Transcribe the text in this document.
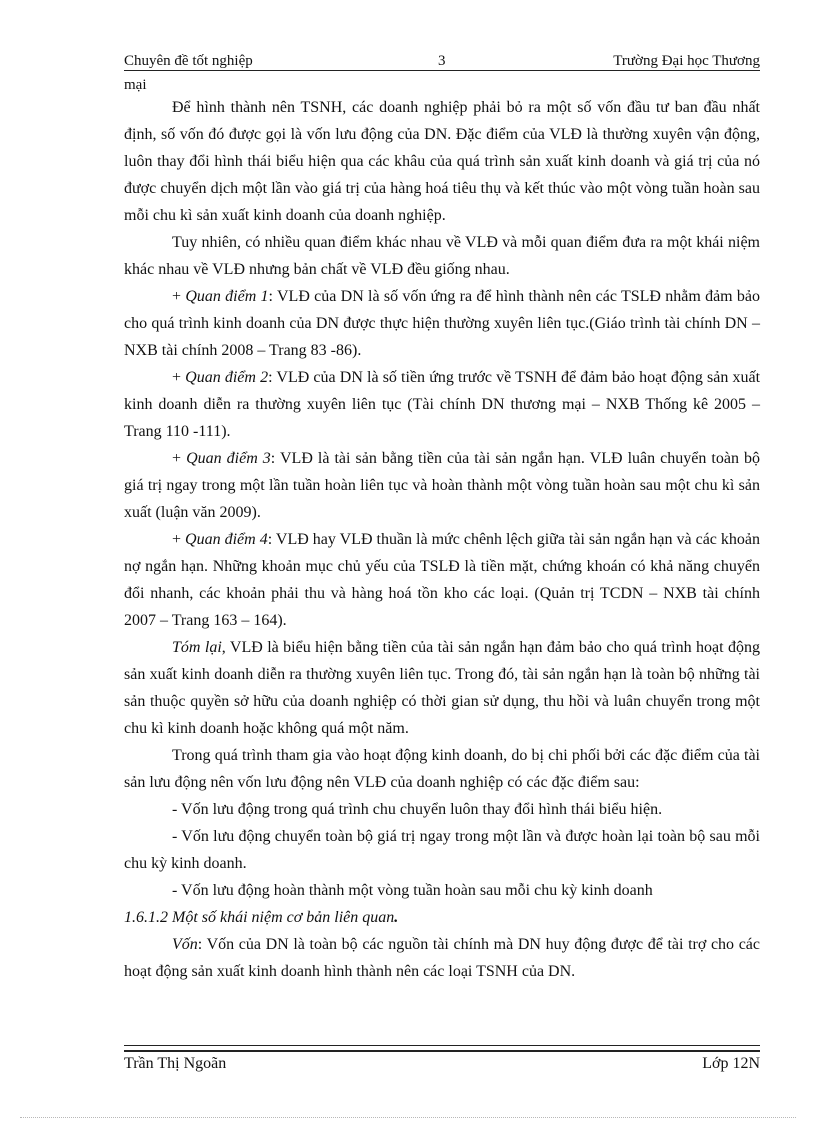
Chuyên đề tốt nghiệp	3	Trường Đại học Thương
mại

Để hình thành nên TSNH, các doanh nghiệp phải bỏ ra một số vốn đầu tư ban đầu nhất định, số vốn đó được gọi là vốn lưu động của DN. Đặc điểm của VLĐ là thường xuyên vận động, luôn thay đổi hình thái biểu hiện qua các khâu của quá trình sản xuất kinh doanh và giá trị của nó được chuyển dịch một lần vào giá trị của hàng hoá tiêu thụ và kết thúc vào một vòng tuần hoàn sau mỗi chu kì sản xuất kinh doanh của doanh nghiệp.

Tuy nhiên, có nhiều quan điểm khác nhau về VLĐ và mỗi quan điểm đưa ra một khái niệm khác nhau về VLĐ nhưng bản chất về VLĐ đều giống nhau.

+ Quan điểm 1: VLĐ của DN là số vốn ứng ra để hình thành nên các TSLĐ nhằm đảm bảo cho quá trình kinh doanh của DN được thực hiện thường xuyên liên tục.(Giáo trình tài chính DN – NXB tài chính 2008 – Trang 83 -86).

+ Quan điểm 2: VLĐ của DN là số tiền ứng trước về TSNH để đảm bảo hoạt động sản xuất kinh doanh diễn ra thường xuyên liên tục (Tài chính DN thương mại – NXB Thống kê 2005 – Trang 110 -111).

+ Quan điểm 3: VLĐ là tài sản bằng tiền của tài sản ngắn hạn. VLĐ luân chuyển toàn bộ giá trị ngay trong một lần tuần hoàn liên tục và hoàn thành một vòng tuần hoàn sau một chu kì sản xuất (luận văn 2009).

+ Quan điểm 4: VLĐ hay VLĐ thuần là mức chênh lệch giữa tài sản ngắn hạn và các khoản nợ ngắn hạn. Những khoản mục chủ yếu của TSLĐ là tiền mặt, chứng khoán có khả năng chuyển đổi nhanh, các khoản phải thu và hàng hoá tồn kho các loại. (Quản trị TCDN – NXB tài chính 2007 – Trang 163 – 164).

Tóm lại, VLĐ là biểu hiện bằng tiền của tài sản ngắn hạn đảm bảo cho quá trình hoạt động sản xuất kinh doanh diễn ra thường xuyên liên tục. Trong đó, tài sản ngắn hạn là toàn bộ những tài sản thuộc quyền sở hữu của doanh nghiệp có thời gian sử dụng, thu hồi và luân chuyển trong một chu kì kinh doanh hoặc không quá một năm.

Trong quá trình tham gia vào hoạt động kinh doanh, do bị chi phối bởi các đặc điểm của tài sản lưu động nên vốn lưu động nên VLĐ của doanh nghiệp có các đặc điểm sau:

- Vốn lưu động trong quá trình chu chuyển luôn thay đổi hình thái biểu hiện.

- Vốn lưu động chuyển toàn bộ giá trị ngay trong một lần và được hoàn lại toàn bộ sau mỗi chu kỳ kinh doanh.

- Vốn lưu động hoàn thành một vòng tuần hoàn sau mỗi chu kỳ kinh doanh

1.6.1.2 Một số khái niệm cơ bản liên quan.

Vốn: Vốn của DN là toàn bộ các nguồn tài chính mà DN huy động được để tài trợ cho các hoạt động sản xuất kinh doanh hình thành nên các loại TSNH của DN.

Trần Thị Ngoãn	Lớp 12N
